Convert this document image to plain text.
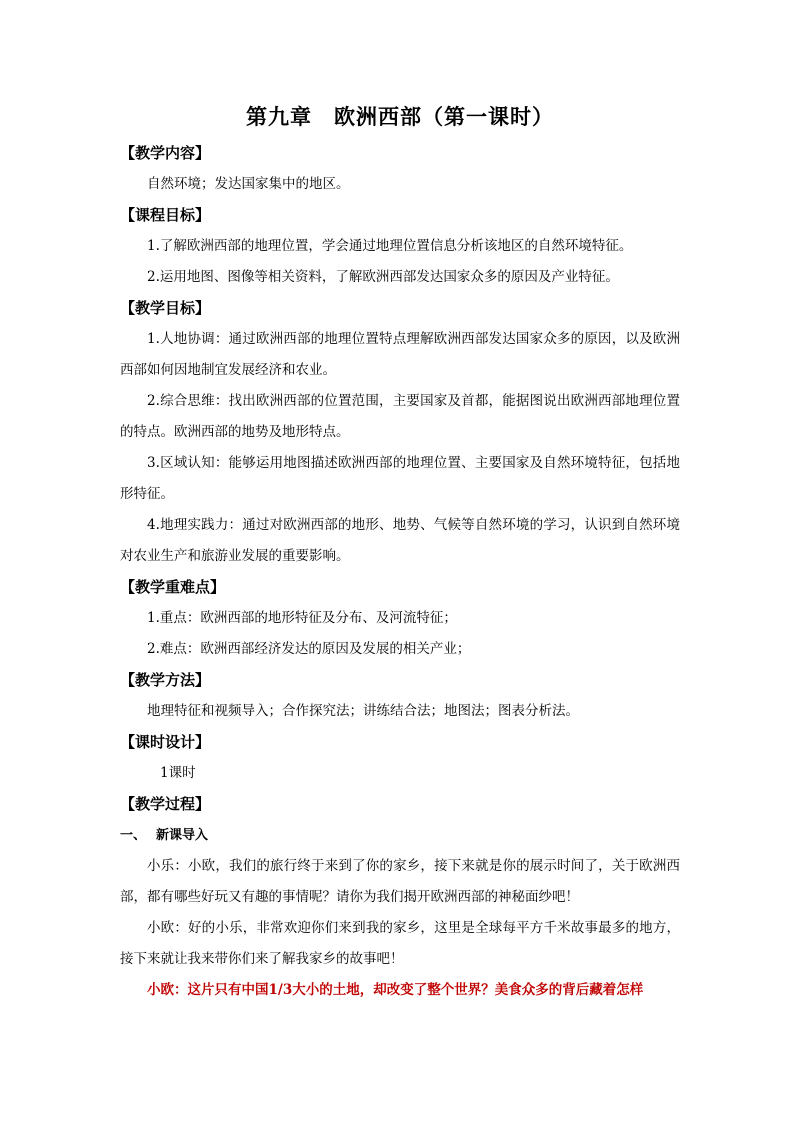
第九章　欧洲西部（第一课时）
【教学内容】

自然环境；发达国家集中的地区。

【课程目标】

1.了解欧洲西部的地理位置，学会通过地理位置信息分析该地区的自然环境特征。

2.运用地图、图像等相关资料，了解欧洲西部发达国家众多的原因及产业特征。

【教学目标】

1.人地协调：通过欧洲西部的地理位置特点理解欧洲西部发达国家众多的原因，以及欧洲西部如何因地制宜发展经济和农业。

2.综合思维：找出欧洲西部的位置范围，主要国家及首都，能据图说出欧洲西部地理位置的特点。欧洲西部的地势及地形特点。

3.区域认知：能够运用地图描述欧洲西部的地理位置、主要国家及自然环境特征，包括地形特征。

4.地理实践力：通过对欧洲西部的地形、地势、气候等自然环境的学习，认识到自然环境对农业生产和旅游业发展的重要影响。

【教学重难点】

1.重点：欧洲西部的地形特征及分布、及河流特征；

2.难点：欧洲西部经济发达的原因及发展的相关产业；

【教学方法】

地理特征和视频导入；合作探究法；讲练结合法；地图法；图表分析法。

【课时设计】

1课时

【教学过程】
一、 新课导入

小乐：小欧，我们的旅行终于来到了你的家乡，接下来就是你的展示时间了，关于欧洲西部，都有哪些好玩又有趣的事情呢？请你为我们揭开欧洲西部的神秘面纱吧！

小欧：好的小乐，非常欢迎你们来到我的家乡，这里是全球每平方千米故事最多的地方，接下来就让我来带你们来了解我家乡的故事吧！

小欧：这片只有中国1/3大小的土地，却改变了整个世界？美食众多的背后藏着怎样
